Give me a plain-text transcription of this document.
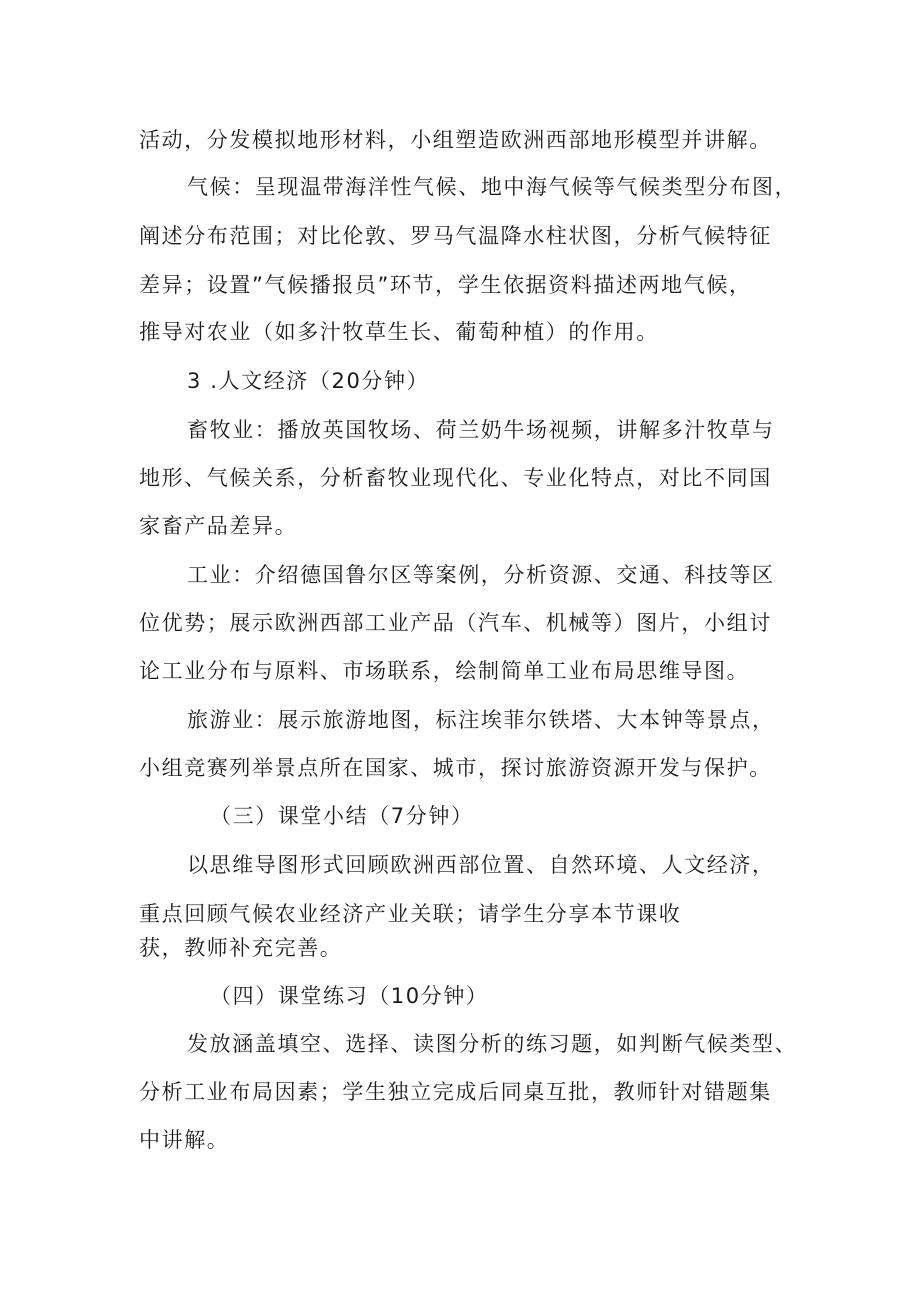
活动，分发模拟地形材料，小组塑造欧洲西部地形模型并讲解。
气候：呈现温带海洋性气候、地中海气候等气候类型分布图，
阐述分布范围；对比伦敦、罗马气温降水柱状图，分析气候特征
差异；设置”气候播报员”环节，学生依据资料描述两地气候，
推导对农业（如多汁牧草生长、葡萄种植）的作用。
3 .人文经济（20分钟）
畜牧业：播放英国牧场、荷兰奶牛场视频，讲解多汁牧草与
地形、气候关系，分析畜牧业现代化、专业化特点，对比不同国
家畜产品差异。
工业：介绍德国鲁尔区等案例，分析资源、交通、科技等区
位优势；展示欧洲西部工业产品（汽车、机械等）图片，小组讨
论工业分布与原料、市场联系，绘制简单工业布局思维导图。
旅游业：展示旅游地图，标注埃菲尔铁塔、大本钟等景点，
小组竞赛列举景点所在国家、城市，探讨旅游资源开发与保护。
（三）课堂小结（7分钟）
以思维导图形式回顾欧洲西部位置、自然环境、人文经济，
重点回顾气候农业经济产业关联；请学生分享本节课收
获，教师补充完善。
（四）课堂练习（10分钟）
发放涵盖填空、选择、读图分析的练习题，如判断气候类型、
分析工业布局因素；学生独立完成后同桌互批，教师针对错题集
中讲解。
